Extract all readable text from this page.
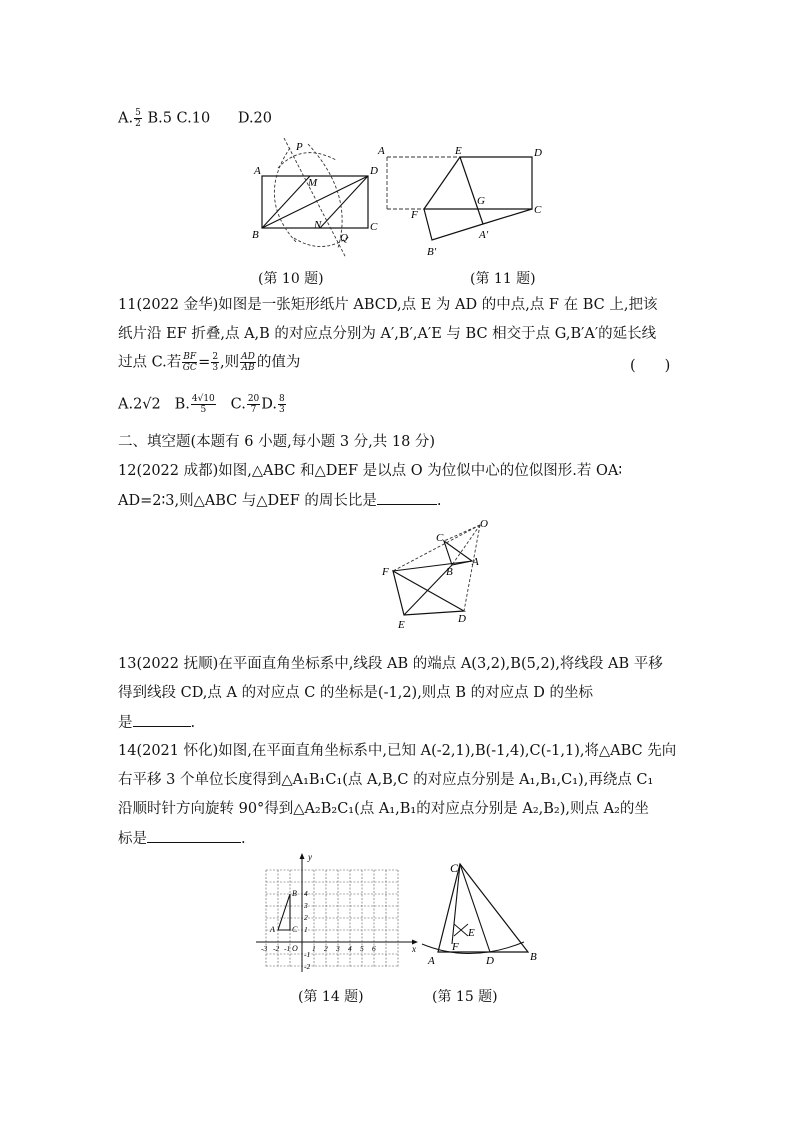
A. $\frac{5}{2} B.5$ C.10 D.20
A
B
C
D
P
M
N
Q
(第 10 题)
A	E	D
F
G
C
A′
B′
(第 11 题)
11(2022 金华)如图是一张矩形纸片 ABCD,点 E 为 AD 的中点,点 F 在 BC 上,把该
纸片沿 EF 折叠,点 A,B 的对应点分别为 A′,B′,A′E 与 BC 相交于点 G,B′A′的延长线
过点 C.若 $\frac{BF}{GC} = \frac{2}{3}$ ,则 $\frac{AD}{AB}$ 的值为	(　　)
A.2√2 B. $\frac{4√10}{5} C$. $\frac{20}{7} D$. $\frac{8}{3}$
二、填空题(本题有 6 小题,每小题 3 分,共 18 分)
12(2022 成都)如图,△ABC 和△DEF 是以点 O 为位似中心的位似图形.若 OA∶
AD=2∶3,则△ABC 与△DEF 的周长比是	.
O
C
B
A
F
E	D
13(2022 抚顺)在平面直角坐标系中,线段 AB 的端点 A(3,2),B(5,2),将线段 AB 平移
得到线段 CD,点 A 的对应点 C 的坐标是(-1,2),则点 B 的对应点 D 的坐标
是	.
14(2021 怀化)如图,在平面直角坐标系中,已知 A(-2,1),B(-1,4),C(-1,1),将△ABC 先向
右平移 3 个单位长度得到△A₁B₁C₁(点 A,B,C 的对应点分别是 A₁,B₁,C₁),再绕点 C₁
沿顺时针方向旋转 90°得到△A₂B₂C₁(点 A₁,B₁的对应点分别是 A₂,B₂),则点 A₂的坐
标是	.
y
x
O
-3 -2 -1	1 2 3 4 5 6
4
3
2
1
-1
-2
A
B
C
(第 14 题)
C
E
F
A	D	B
(第 15 题)
